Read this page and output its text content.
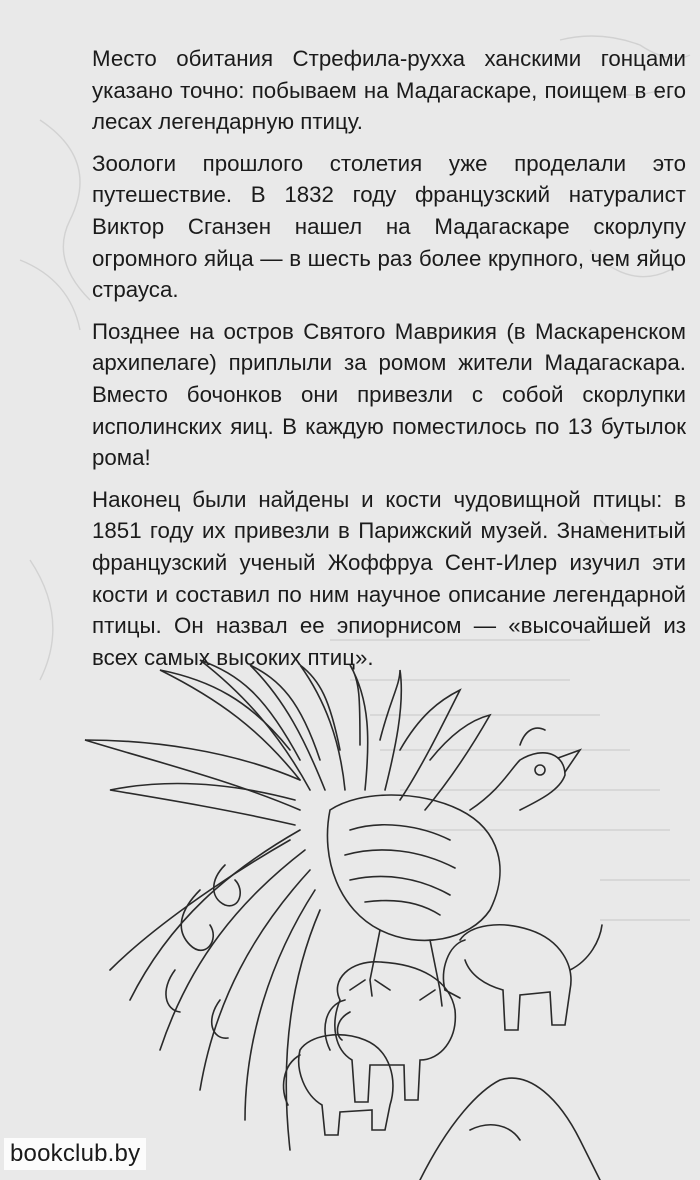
Место обитания Стрефила-рухха ханскими гонцами указано точно: побываем на Мадагаскаре, поищем в его лесах легендарную птицу.

Зоологи прошлого столетия уже проделали это путешествие. В 1832 году французский натуралист Виктор Сганзен нашел на Мадагаскаре скорлупу огромного яйца — в шесть раз более крупного, чем яйцо страуса.

Позднее на остров Святого Маврикия (в Маскаренском архипелаге) приплыли за ромом жители Мадагаскара. Вместо бочонков они привезли с собой скорлупки исполинских яиц. В каждую поместилось по 13 бутылок рома!

Наконец были найдены и кости чудовищной птицы: в 1851 году их привезли в Парижский музей. Знаменитый французский ученый Жоффруа Сент-Илер изучил эти кости и составил по ним научное описание легендарной птицы. Он назвал ее эпиорнисом — «высочайшей из всех самых высоких птиц».

bookclub.by
